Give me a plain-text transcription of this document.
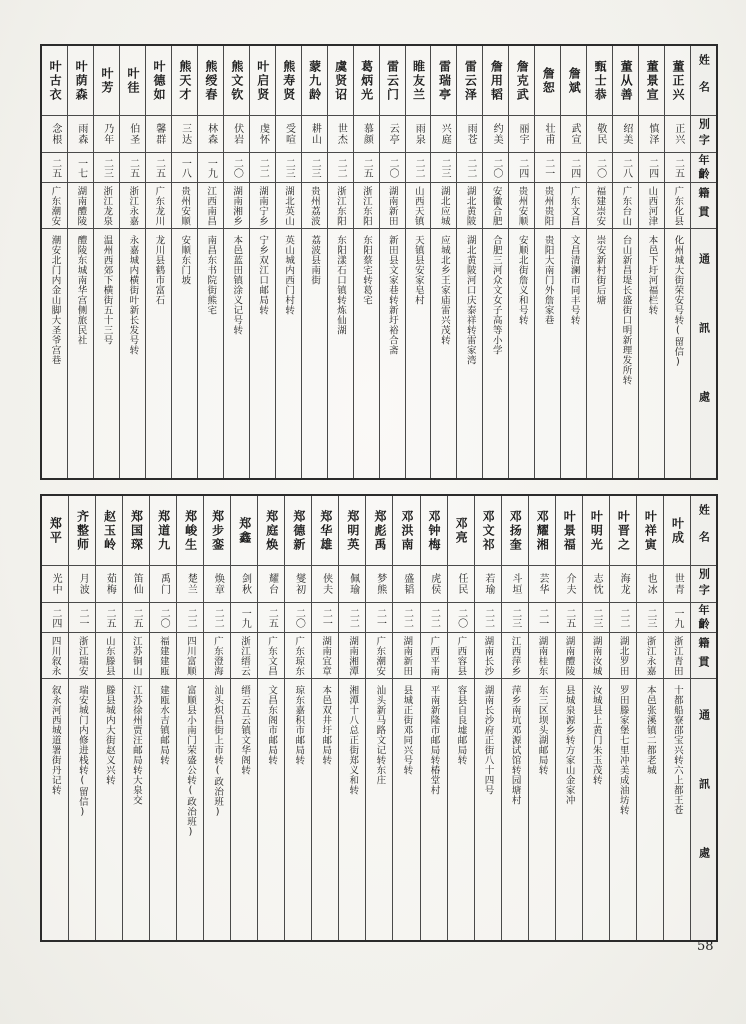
姓名
別字
年齡
籍貫
通訊處
董正兴
正兴
二五
广东化县
化州城大街荣安号转(留信)
董景宣
慎泽
二四
山西河津
本邑下圩河福栏转
董从善
绍美
二八
广东台山
台山新昌堤长盛街口明新理发所转
甄士恭
敬民
二〇
福建崇安
崇安新村街后塘
詹斌
武宣
二四
广东文昌
文昌清澜市同丰号转
詹恕
壮甫
二一
贵州贵阳
贵阳大南门外詹家巷
詹克武
丽宇
二四
贵州安顺
安顺北街詹义和号转
詹用韬
约美
二〇
安徽合肥
合肥三河众文女子高等小学
雷云泽
雨苍
二二
湖北黄陂
湖北黄陂河口庆泰祥转雷家湾
雷瑞亭
兴庭
二三
湖北应城
应城北乡王家庙雷兴茂转
睢友兰
雨泉
二二
山西天镇
天镇县安家皂村
雷云门
云亭
二〇
湖南新田
新田县文家巷转新圩裕合斋
葛炳光
慕颜
二五
浙江东阳
东阳蔡宅转葛宅
虞贤诏
世杰
二二
浙江东阳
东阳漾石口镇转炼仙湖
蒙九龄
耕山
二三
贵州荔波
荔波县南街
熊寿贤
受喧
二三
湖北英山
英山城内西门村转
叶启贤
虔怀
二二
湖南宁乡
宁乡双江口邮局转
熊文钦
伏岩
二〇
湖南湘乡
本邑蓝田镇涂义记号转
熊绶春
林森
一九
江西南昌
南昌东书院街熊宅
熊天才
三达
一八
贵州安顺
安顺东门坡
叶德如
馨群
二五
广东龙川
龙川县鹤市富石
叶徍
伯圣
二五
浙江永嘉
永嘉城内横街叶新长发号转
叶芳
乃年
二三
浙江龙泉
温州西郊下横街五十三号
叶荫森
雨森
一七
湖南醴陵
醴陵东城南华宫侧旅民社
叶古衣
念根
二五
广东潮安
潮安北门内金山脚大圣爷宫巷
姓名
別字
年齡
籍貫
通訊處
叶成
世青
一九
浙江青田
十都船寮邵宝兴转六上都王苍
叶祥寅
也冰
二三
浙江永嘉
本邑张溪镇二都老城
叶晋之
海龙
二二
湖北罗田
罗田滕家堡七里冲美成油坊转
叶明光
志忱
二三
湖南汝城
汝城县上黄门朱玉茂转
叶景福
介夫
二五
湖南醴陵
县城泉源乡转方家山金家冲
邓耀湘
芸华
二一
湖南桂东
东三区坝头湖邮局转
邓扬奎
斗垣
二三
江西萍乡
萍乡南坑邓源试馆转园塘村
邓文祁
若瑜
二二
湖南长沙
湖南长沙府正街八十四号
邓亮
任民
二〇
广西容县
容县自良墟邮局转
邓钟梅
虎侯
二二
广西平南
平南新隆市邮局转椿堂村
邓洪南
盛韬
二二
湖南新田
县城正街邓同兴号转
郑彪禹
梦熊
二一
广东潮安
汕头新马路文记转东庄
郑明英
佩瑜
二二
湖南湘潭
湘潭十八总正街郑义和转
郑华雄
侠夫
二一
湖南宜章
本邑双井圩邮局转
郑德新
燮初
二〇
广东琼东
琼东嘉积市邮局转
郑庭焕
耀台
二五
广东文昌
文昌东阁市邮局转
郑鑫
剑秋
一九
浙江缙云
缙云五云镇文华阁转
郑步銮
焕章
二二
广东澄海
汕头炽昌街上市转(政治班)
郑峻生
楚兰
二二
四川富顺
富顺县小南门荣盛公转(政治班)
郑道九
禹门
二〇
福建建瓯
建瓯水吉镇邮局转
郑国琛
笛仙
二五
江苏铜山
江苏徐州贾汪邮局转大泉交
赵玉岭
茹梅
二五
山东滕县
滕县城内大街赵义兴转
齐整师
月波
二一
浙江瑞安
瑞安城门内修进栈转(留信)
郑平
光中
二四
四川叙永
叙永河西城道署街丹记转
58
